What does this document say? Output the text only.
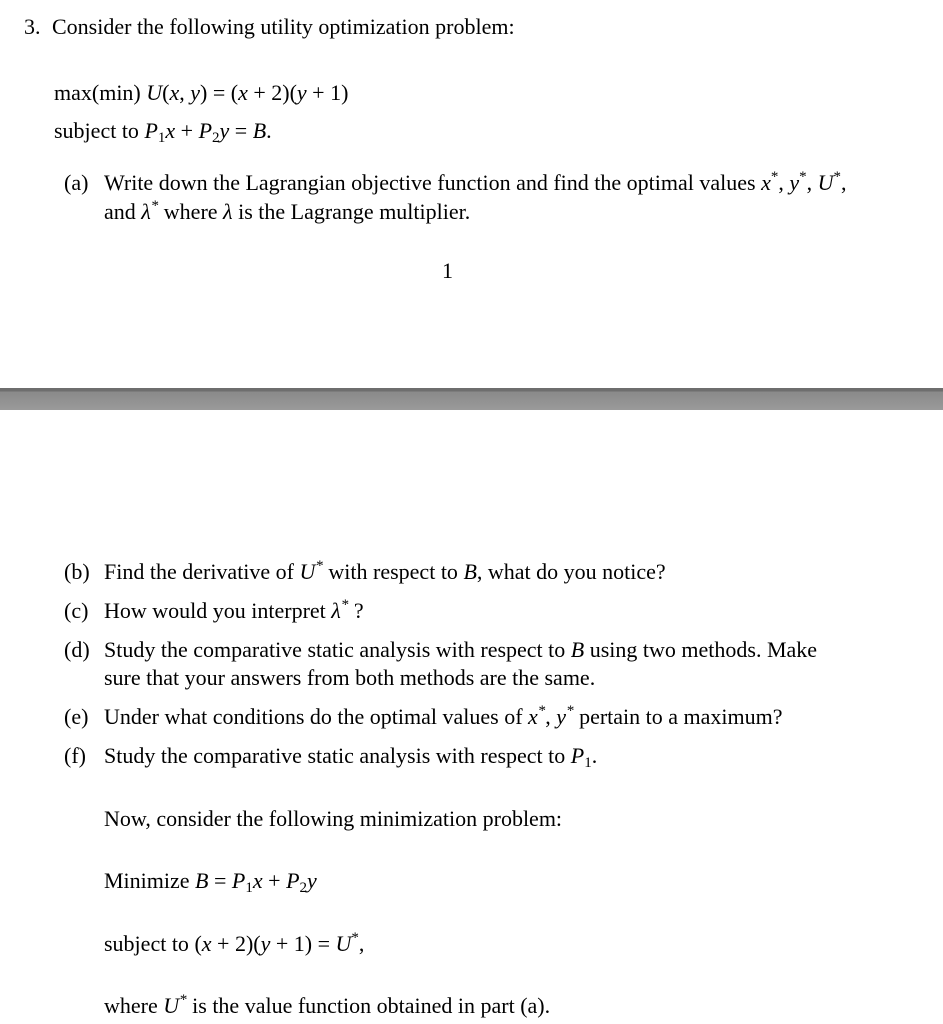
3. Consider the following utility optimization problem:
max(min) U(x, y) = (x + 2)(y + 1)
subject to $P_1x + P_2y = B$.
(a) Write down the Lagrangian objective function and find the optimal values x*, y*, U*,
and λ* where λ is the Lagrange multiplier.
1
(b) Find the derivative of U* with respect to B, what do you notice?
(c) How would you interpret λ* ?
(d) Study the comparative static analysis with respect to B using two methods. Make
sure that your answers from both methods are the same.
(e) Under what conditions do the optimal values of x*, y* pertain to a maximum?
(f) Study the comparative static analysis with respect to $P_1$.
Now, consider the following minimization problem:
Minimize $B = P_1x + P_2y$
subject to (x + 2)(y + 1) = U*,
where U* is the value function obtained in part (a).
